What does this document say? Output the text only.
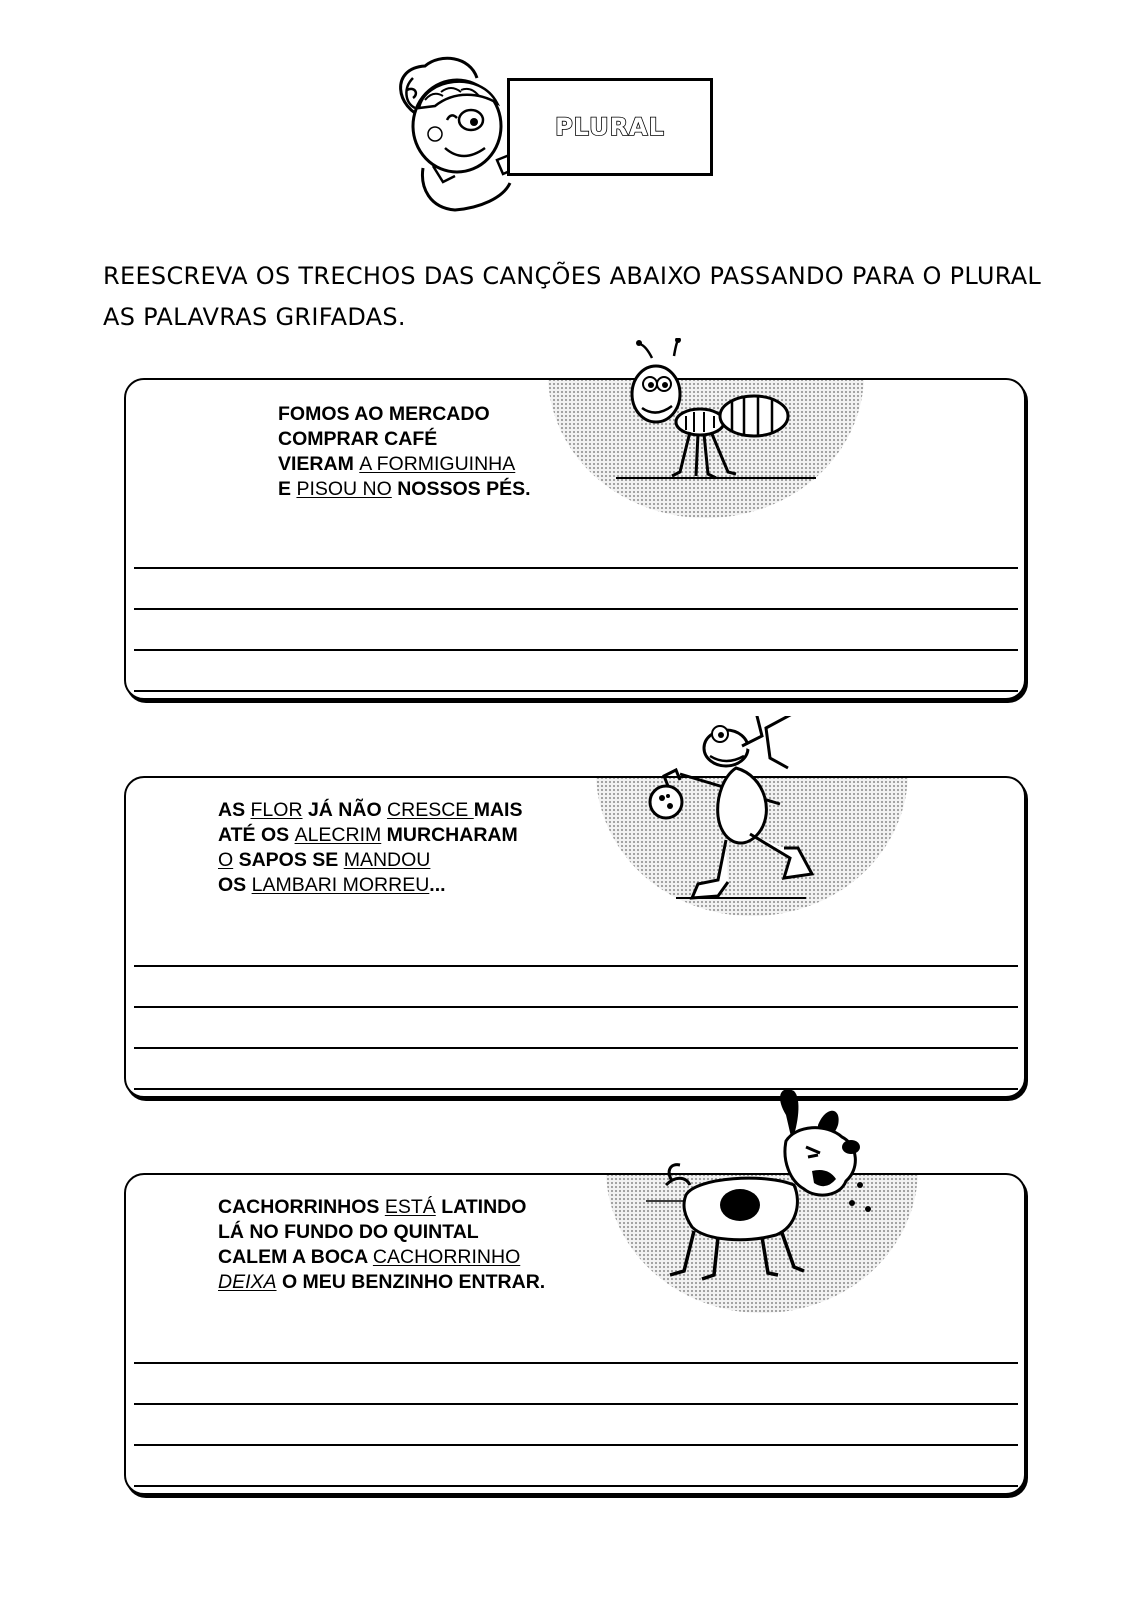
PLURAL

REESCREVA OS TRECHOS DAS CANÇÕES ABAIXO PASSANDO PARA O PLURAL AS PALAVRAS GRIFADAS.

FOMOS AO MERCADO
COMPRAR CAFÉ
VIERAM A FORMIGUINHA
E PISOU NO NOSSOS PÉS.

AS FLOR JÁ NÃO CRESCE MAIS
ATÉ OS ALECRIM MURCHARAM
O SAPOS SE MANDOU
OS LAMBARI MORREU...

CACHORRINHOS ESTÁ LATINDO
LÁ NO FUNDO DO QUINTAL
CALEM A BOCA CACHORRINHO
DEIXA O MEU BENZINHO ENTRAR.
